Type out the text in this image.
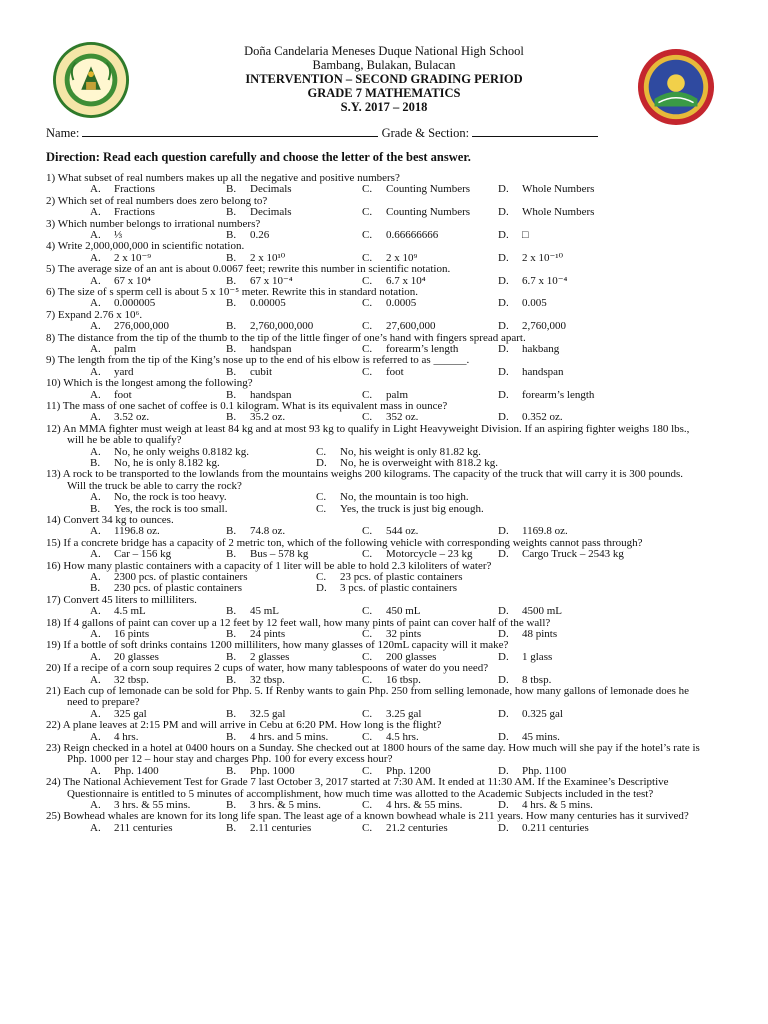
Doña Candelaria Meneses Duque National High School
Bambang, Bulakan, Bulacan
INTERVENTION – SECOND GRADING PERIOD
GRADE 7 MATHEMATICS
S.Y. 2017 – 2018
Name:	Grade & Section:
Direction: Read each question carefully and choose the letter of the best answer.
1) What subset of real numbers makes up all the negative and positive numbers?
A. Fractions	B. Decimals	C. Counting Numbers	D. Whole Numbers
2) Which set of real numbers does zero belong to?
A. Fractions	B. Decimals	C. Counting Numbers	D. Whole Numbers
3) Which number belongs to irrational numbers?
A. ⅓	B. 0.26	C. 0.66666666	D. □
4) Write 2,000,000,000 in scientific notation.
A. 2 x 10⁻⁹	B. 2 x 10¹⁰	C. 2 x 10⁹	D. 2 x 10⁻¹⁰
5) The average size of an ant is about 0.0067 feet; rewrite this number in scientific notation.
A. 67 x 10⁴	B. 67 x 10⁻⁴	C. 6.7 x 10⁴	D. 6.7 x 10⁻⁴
6) The size of s sperm cell is about 5 x 10⁻⁵ meter. Rewrite this in standard notation.
A. 0.000005	B. 0.00005	C. 0.0005	D. 0.005
7) Expand 2.76 x 10⁶.
A. 276,000,000	B. 2,760,000,000	C. 27,600,000	D. 2,760,000
8) The distance from the tip of the thumb to the tip of the little finger of one’s hand with fingers spread apart.
A. palm	B. handspan	C. forearm’s length	D. hakbang
9) The length from the tip of the King’s nose up to the end of his elbow is referred to as ______.
A. yard	B. cubit	C. foot	D. handspan
10) Which is the longest among the following?
A. foot	B. handspan	C. palm	D. forearm’s length
11) The mass of one sachet of coffee is 0.1 kilogram. What is its equivalent mass in ounce?
A. 3.52 oz.	B. 35.2 oz.	C. 352 oz.	D. 0.352 oz.
12) An MMA fighter must weigh at least 84 kg and at most 93 kg to qualify in Light Heavyweight Division. If an aspiring fighter weighs 180 lbs.,
will he be able to qualify?
A. No, he only weighs 0.8182 kg.	C. No, his weight is only 81.82 kg.
B. No, he is only 8.182 kg.	D. No, he is overweight with 818.2 kg.
13) A rock to be transported to the lowlands from the mountains weighs 200 kilograms. The capacity of the truck that will carry it is 300 pounds.
Will the truck be able to carry the rock?
A. No, the rock is too heavy.	C. No, the mountain is too high.
B. Yes, the rock is too small.	C. Yes, the truck is just big enough.
14) Convert 34 kg to ounces.
A. 1196.8 oz.	B. 74.8 oz.	C. 544 oz.	D. 1169.8 oz.
15) If a concrete bridge has a capacity of 2 metric ton, which of the following vehicle with corresponding weights cannot pass through?
A. Car – 156 kg	B. Bus – 578 kg	C. Motorcycle – 23 kg D. Cargo Truck – 2543 kg
16) How many plastic containers with a capacity of 1 liter will be able to hold 2.3 kiloliters of water?
A. 2300 pcs. of plastic containers	C. 23 pcs. of plastic containers
B. 230 pcs. of plastic containers	D. 3 pcs. of plastic containers
17) Convert 45 liters to milliliters.
A. 4.5 mL	B. 45 mL	C. 450 mL	D. 4500 mL
18) If 4 gallons of paint can cover up a 12 feet by 12 feet wall, how many pints of paint can cover half of the wall?
A. 16 pints	B. 24 pints	C. 32 pints	D. 48 pints
19) If a bottle of soft drinks contains 1200 milliliters, how many glasses of 120mL capacity will it make?
A. 20 glasses	B. 2 glasses	C. 200 glasses	D. 1 glass
20) If a recipe of a corn soup requires 2 cups of water, how many tablespoons of water do you need?
A. 32 tbsp.	B. 32 tbsp.	C. 16 tbsp.	D. 8 tbsp.
21) Each cup of lemonade can be sold for Php. 5. If Renby wants to gain Php. 250 from selling lemonade, how many gallons of lemonade does he
need to prepare?
A. 325 gal	B. 32.5 gal	C. 3.25 gal	D. 0.325 gal
22) A plane leaves at 2:15 PM and will arrive in Cebu at 6:20 PM. How long is the flight?
A. 4 hrs.	B. 4 hrs. and 5 mins.	C. 4.5 hrs.	D. 45 mins.
23) Reign checked in a hotel at 0400 hours on a Sunday. She checked out at 1800 hours of the same day. How much will she pay if the hotel’s rate is
Php. 1000 per 12 – hour stay and charges Php. 100 for every excess hour?
A. Php. 1400	B. Php. 1000	C. Php. 1200	D. Php. 1100
24) The National Achievement Test for Grade 7 last October 3, 2017 started at 7:30 AM. It ended at 11:30 AM. If the Examinee’s Descriptive
Questionnaire is entitled to 5 minutes of accomplishment, how much time was allotted to the Academic Subjects included in the test?
A. 3 hrs. & 55 mins.	B. 3 hrs. & 5 mins.	C. 4 hrs. & 55 mins.	D. 4 hrs. & 5 mins.
25) Bowhead whales are known for its long life span. The least age of a known bowhead whale is 211 years. How many centuries has it survived?
A. 211 centuries	B. 2.11 centuries	C. 21.2 centuries	D. 0.211 centuries
